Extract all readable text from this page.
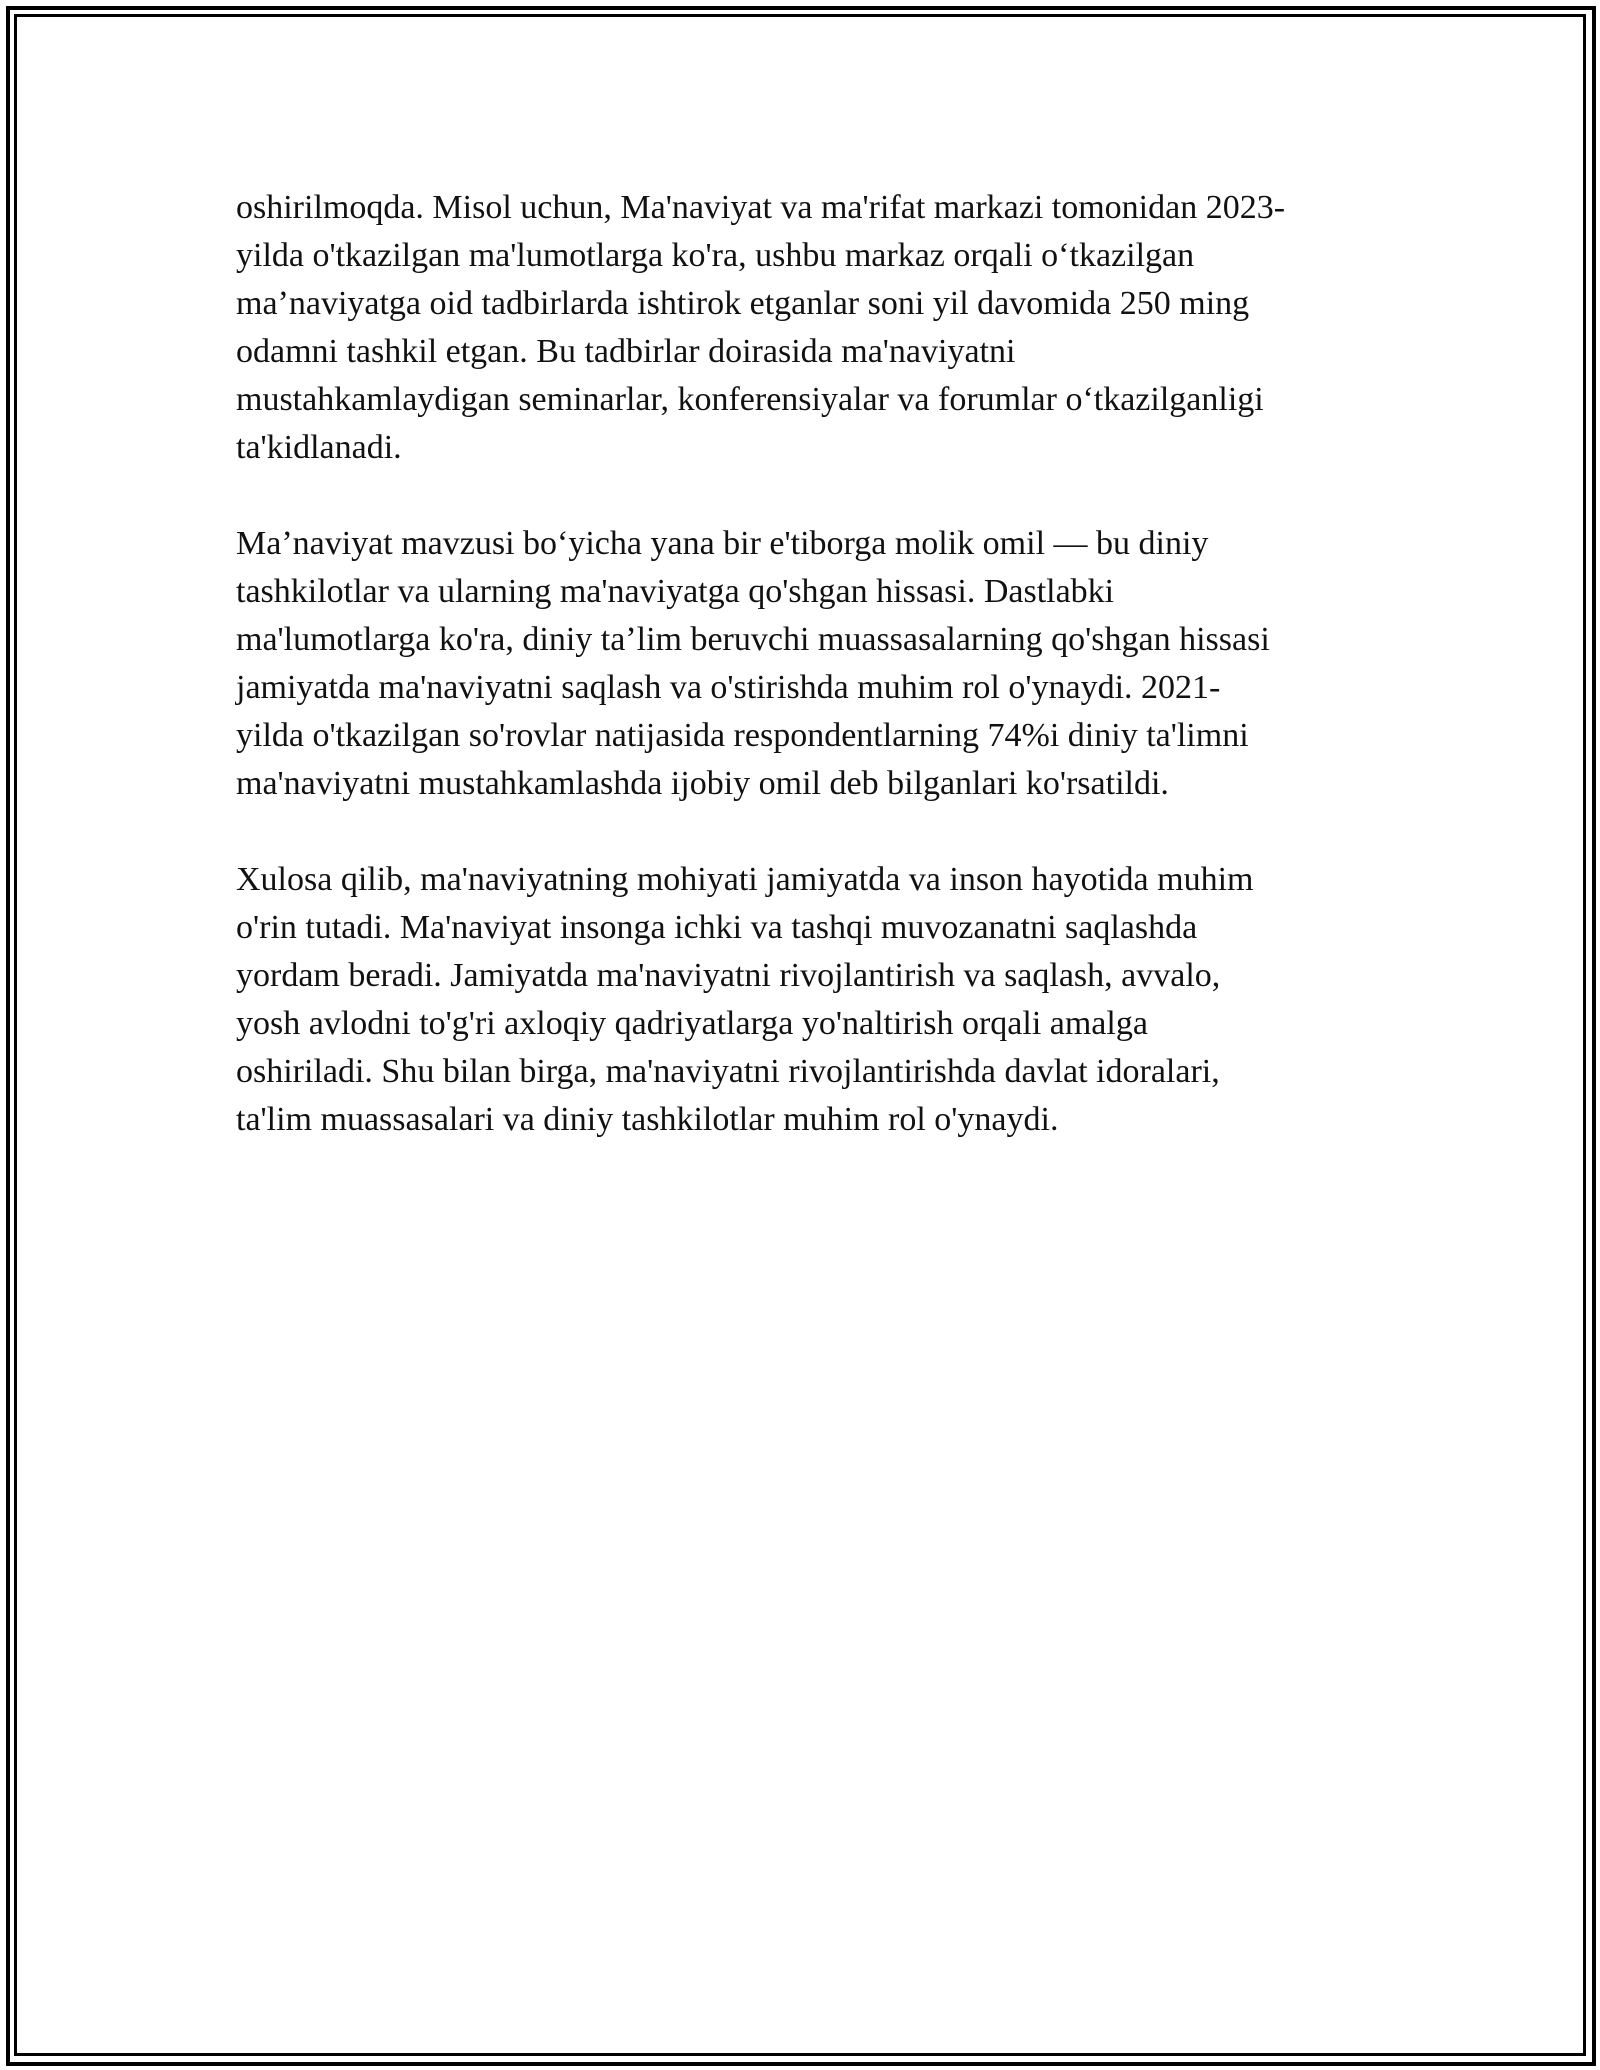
oshirilmoqda. Misol uchun, Ma'naviyat va ma'rifat markazi tomonidan 2023-
yilda o'tkazilgan ma'lumotlarga ko'ra, ushbu markaz orqali oʻtkazilgan
maʼnaviyatga oid tadbirlarda ishtirok etganlar soni yil davomida 250 ming
odamni tashkil etgan. Bu tadbirlar doirasida ma'naviyatni
mustahkamlaydigan seminarlar, konferensiyalar va forumlar oʻtkazilganligi
ta'kidlanadi.

Maʼnaviyat mavzusi boʻyicha yana bir e'tiborga molik omil — bu diniy
tashkilotlar va ularning ma'naviyatga qo'shgan hissasi. Dastlabki
ma'lumotlarga ko'ra, diniy taʼlim beruvchi muassasalarning qo'shgan hissasi
jamiyatda ma'naviyatni saqlash va o'stirishda muhim rol o'ynaydi. 2021-
yilda o'tkazilgan so'rovlar natijasida respondentlarning 74%i diniy ta'limni
ma'naviyatni mustahkamlashda ijobiy omil deb bilganlari ko'rsatildi.

Xulosa qilib, ma'naviyatning mohiyati jamiyatda va inson hayotida muhim
o'rin tutadi. Ma'naviyat insonga ichki va tashqi muvozanatni saqlashda
yordam beradi. Jamiyatda ma'naviyatni rivojlantirish va saqlash, avvalo,
yosh avlodni to'g'ri axloqiy qadriyatlarga yo'naltirish orqali amalga
oshiriladi. Shu bilan birga, ma'naviyatni rivojlantirishda davlat idoralari,
ta'lim muassasalari va diniy tashkilotlar muhim rol o'ynaydi.
